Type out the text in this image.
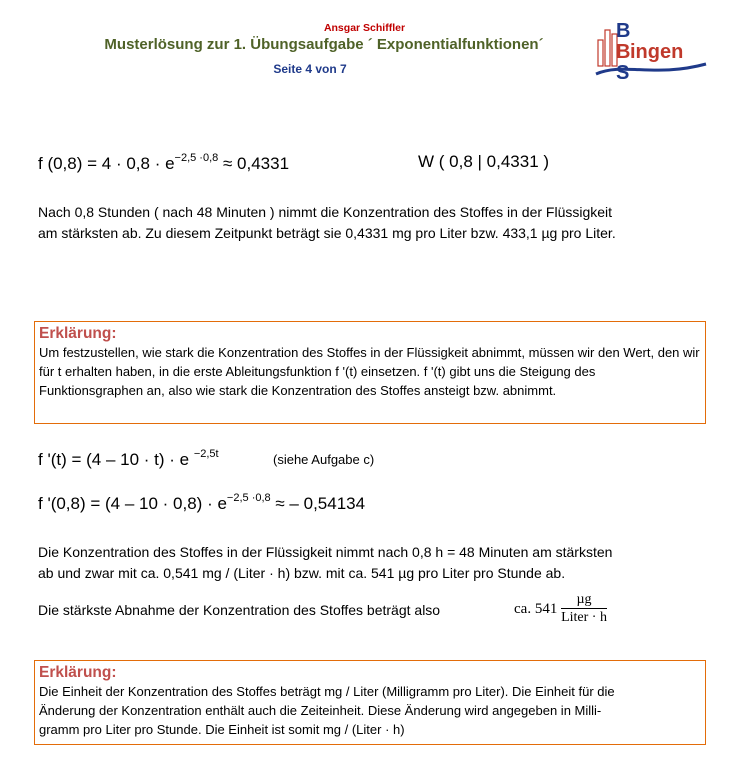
Ansgar Schiffler
Musterlösung zur 1. Übungsaufgabe ´ Exponentialfunktionen´
Seite 4 von 7
B
B ingen
S
f $(0,8) = 4 \cdot 0,8 \cdot e^{-2,5 \cdot 0,8} \approx 0,4331$	W ( 0,8 | 0,4331 )
Nach 0,8 Stunden ( nach 48 Minuten ) nimmt die Konzentration des Stoffes in der Flüssigkeit
am stärksten ab. Zu diesem Zeitpunkt beträgt sie 0,4331 mg pro Liter bzw. 433,1 µg pro Liter.
Erklärung:
Um festzustellen, wie stark die Konzentration des Stoffes in der Flüssigkeit abnimmt, müssen wir den Wert, den wir für t erhalten haben, in die erste Ableitungsfunktion f '(t) einsetzen. f '(t) gibt uns die Steigung des Funktionsgraphen an, also wie stark die Konzentration des Stoffes ansteigt bzw. abnimmt.
f '(t) = (4 – 10 · t) · e $^{-2,5t}$	(siehe Aufgabe c)
f '$(0,8) = (4 - 10 \cdot 0,8) \cdot e^{-2,5 \cdot 0,8}$ ≈ – 0,54134
Die Konzentration des Stoffes in der Flüssigkeit nimmt nach 0,8 h = 48 Minuten am stärksten
ab und zwar mit ca. 0,541 mg / (Liter · h) bzw. mit ca. 541 µg pro Liter pro Stunde ab.
Die stärkste Abnahme der Konzentration des Stoffes beträgt also	ca. $541 \frac{\text{µg}}{\text{Liter · h}}$
Erklärung:
Die Einheit der Konzentration des Stoffes beträgt mg / Liter (Milligramm pro Liter). Die Einheit für die
Änderung der Konzentration enthält auch die Zeiteinheit. Diese Änderung wird angegeben in Milli-
gramm pro Liter pro Stunde. Die Einheit ist somit mg / (Liter · h)
